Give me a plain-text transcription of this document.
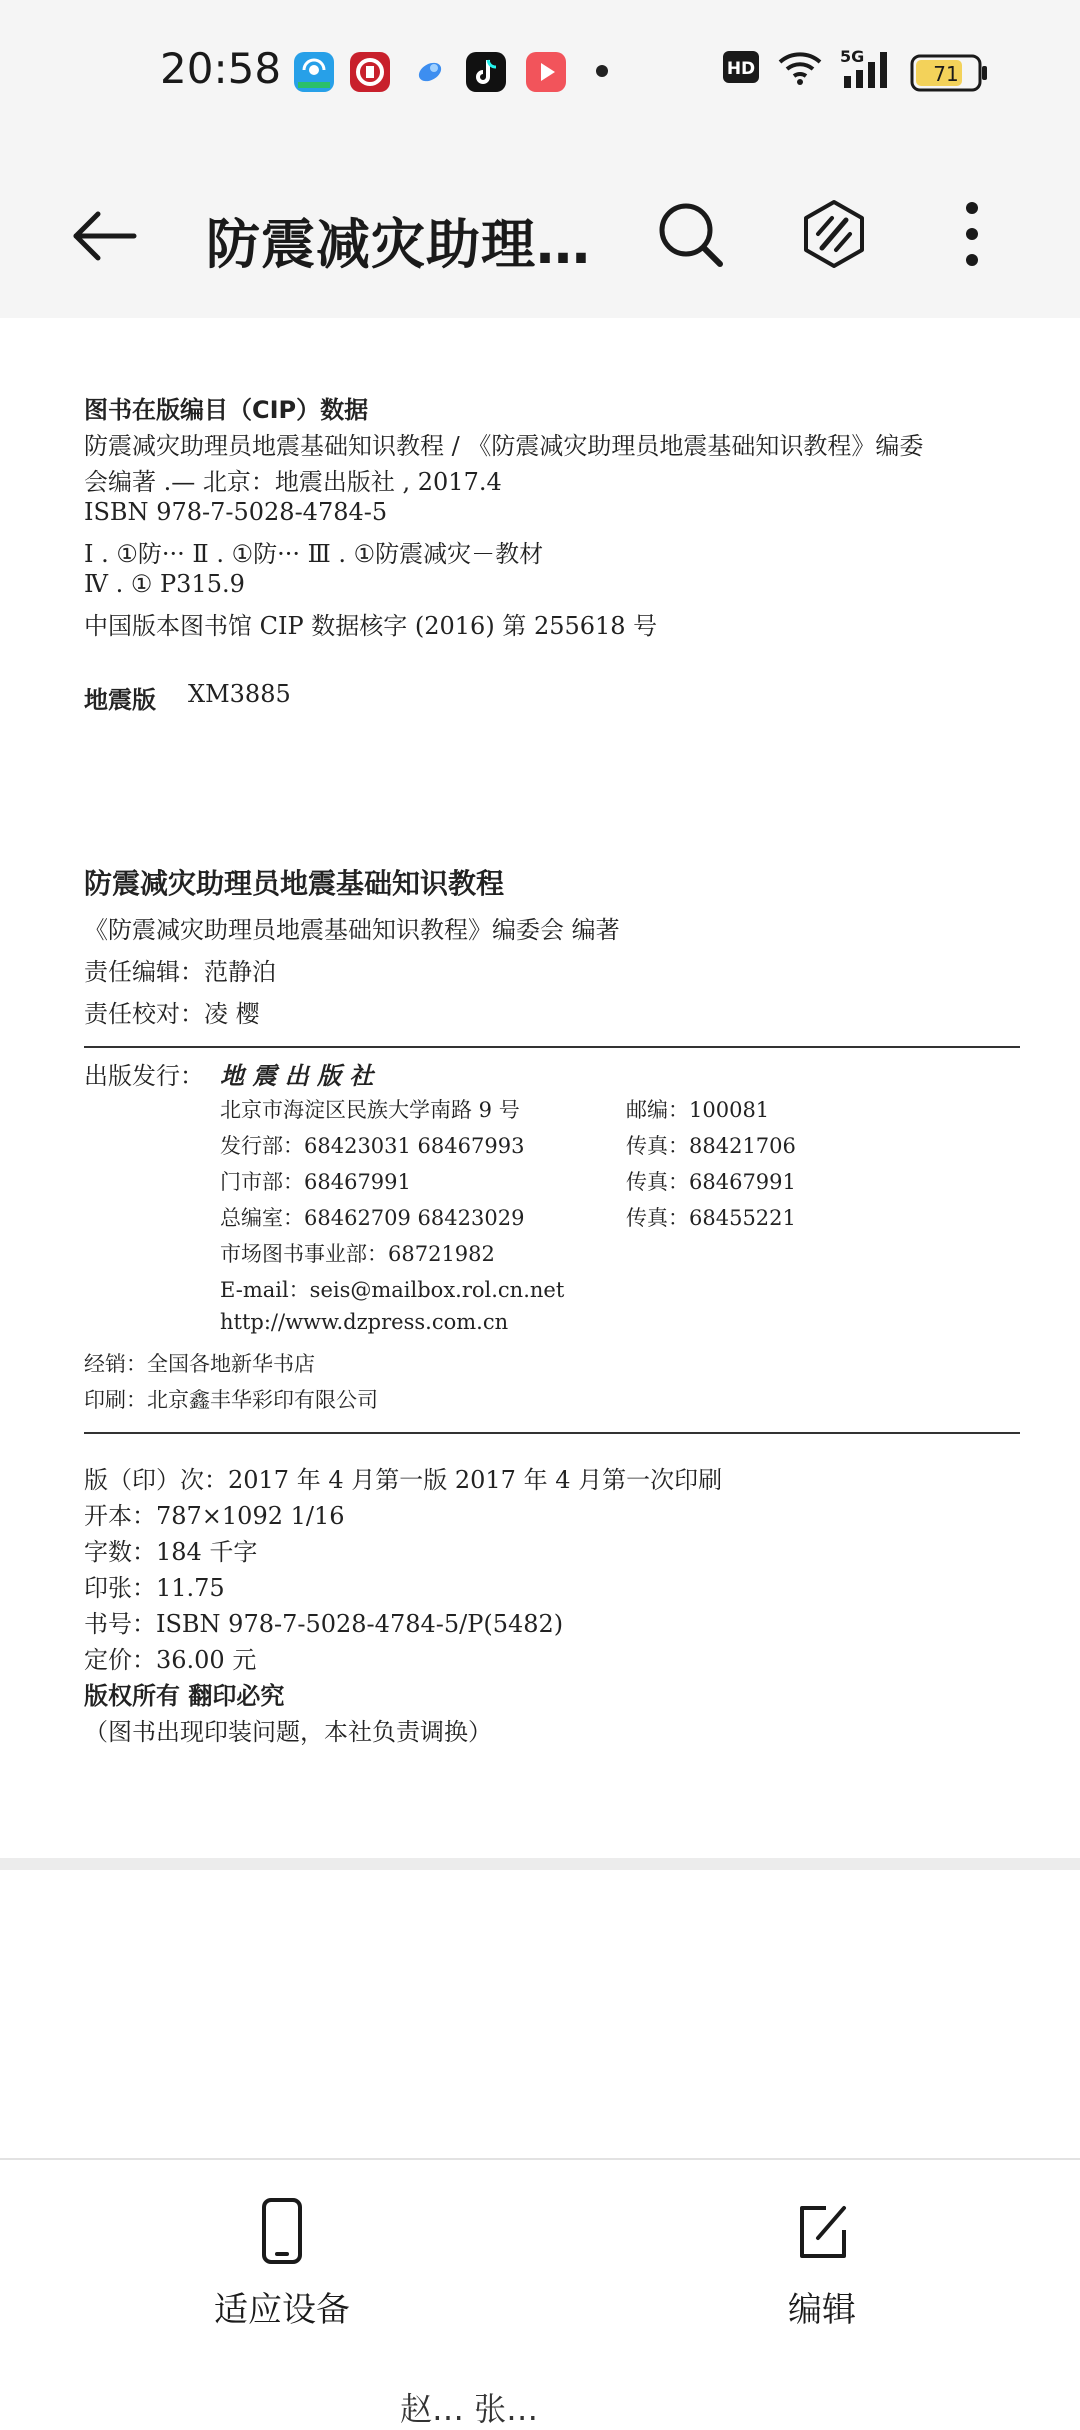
20:58	HD
5G
71
防震减灾助理…
图书在版编目（CIP）数据
防震减灾助理员地震基础知识教程 / 《防震减灾助理员地震基础知识教程》编委
会编著 .— 北京：地震出版社 , 2017.4
ISBN 978-7-5028-4784-5
Ⅰ . ①防··· Ⅱ . ①防··· Ⅲ . ①防震减灾－教材
Ⅳ . ① P315.9
中国版本图书馆 CIP 数据核字 (2016) 第 255618 号
地震版 XM3885
防震减灾助理员地震基础知识教程
《防震减灾助理员地震基础知识教程》编委会 编著
责任编辑：范静泊
责任校对：凌 樱
出版发行： 地 震 出 版 社
北京市海淀区民族大学南路 9 号	邮编：100081
发行部：68423031 68467993	传真：88421706
门市部：68467991	传真：68467991
总编室：68462709 68423029	传真：68455221
市场图书事业部：68721982
E-mail：seis@mailbox.rol.cn.net
http://www.dzpress.com.cn
经销：全国各地新华书店
印刷：北京鑫丰华彩印有限公司
版（印）次：2017 年 4 月第一版 2017 年 4 月第一次印刷
开本：787×1092 1/16
字数：184 千字
印张：11.75
书号：ISBN 978-7-5028-4784-5/P(5482)
定价：36.00 元
版权所有 翻印必究
（图书出现印装问题，本社负责调换）
适应设备	编辑
赵… 张…
